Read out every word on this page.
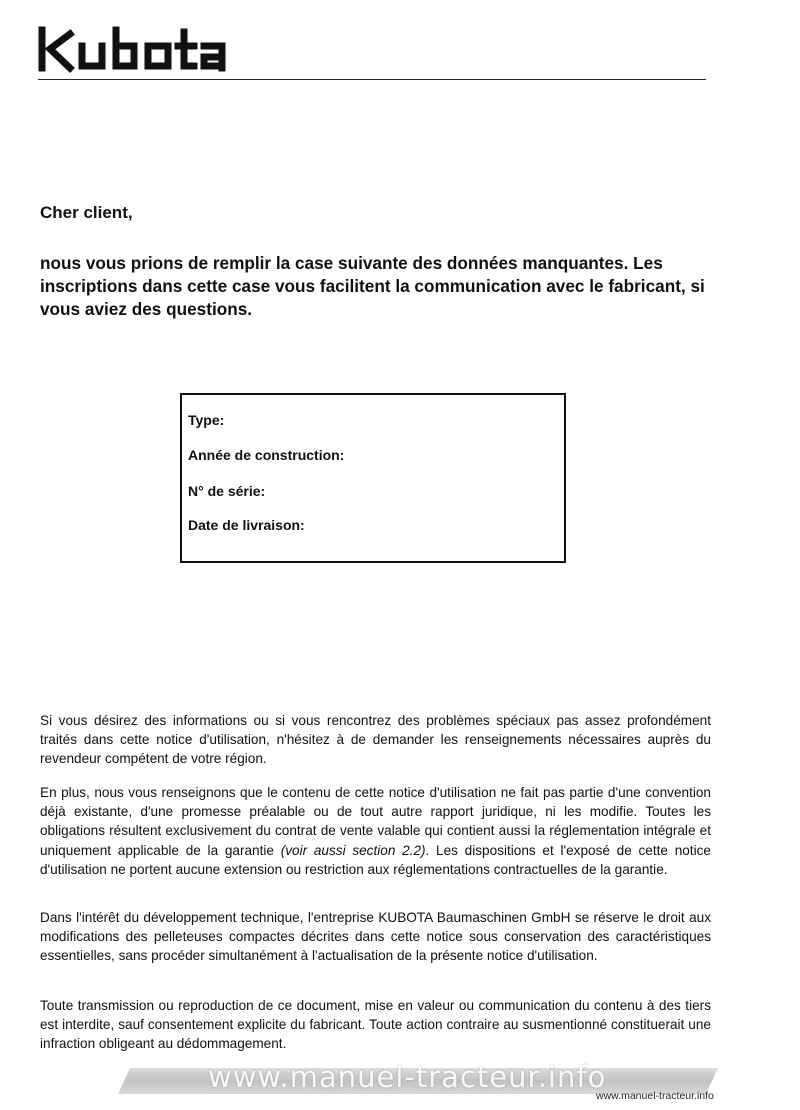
Cher client,
nous vous prions de remplir la case suivante des données manquantes. Les inscriptions dans cette case vous facilitent la communication avec le fabricant, si vous aviez des questions.
Type:
Année de construction:
N° de série:
Date de livraison:
Si vous désirez des informations ou si vous rencontrez des problèmes spéciaux pas assez profondément traités dans cette notice d'utilisation, n'hésitez à de demander les renseignements nécessaires auprès du revendeur compétent de votre région.
En plus, nous vous renseignons que le contenu de cette notice d'utilisation ne fait pas partie d'une convention déjà existante, d'une promesse préalable ou de tout autre rapport juridique, ni les modifie. Toutes les obligations résultent exclusivement du contrat de vente valable qui contient aussi la réglementation intégrale et uniquement applicable de la garantie (voir aussi section 2.2). Les dispositions et l'exposé de cette notice d'utilisation ne portent aucune extension ou restriction aux réglementations contractuelles de la garantie.
Dans l'intérêt du développement technique, l'entreprise KUBOTA Baumaschinen GmbH se réserve le droit aux modifications des pelleteuses compactes décrites dans cette notice sous conservation des caractéristiques essentielles, sans procéder simultanément à l'actualisation de la présente notice d'utilisation.
Toute transmission ou reproduction de ce document, mise en valeur ou communication du contenu à des tiers est interdite, sauf consentement explicite du fabricant. Toute action contraire au susmentionné constituerait une infraction obligeant au dédommagement.
www.manuel-tracteur.info
www.manuel-tracteur.info
